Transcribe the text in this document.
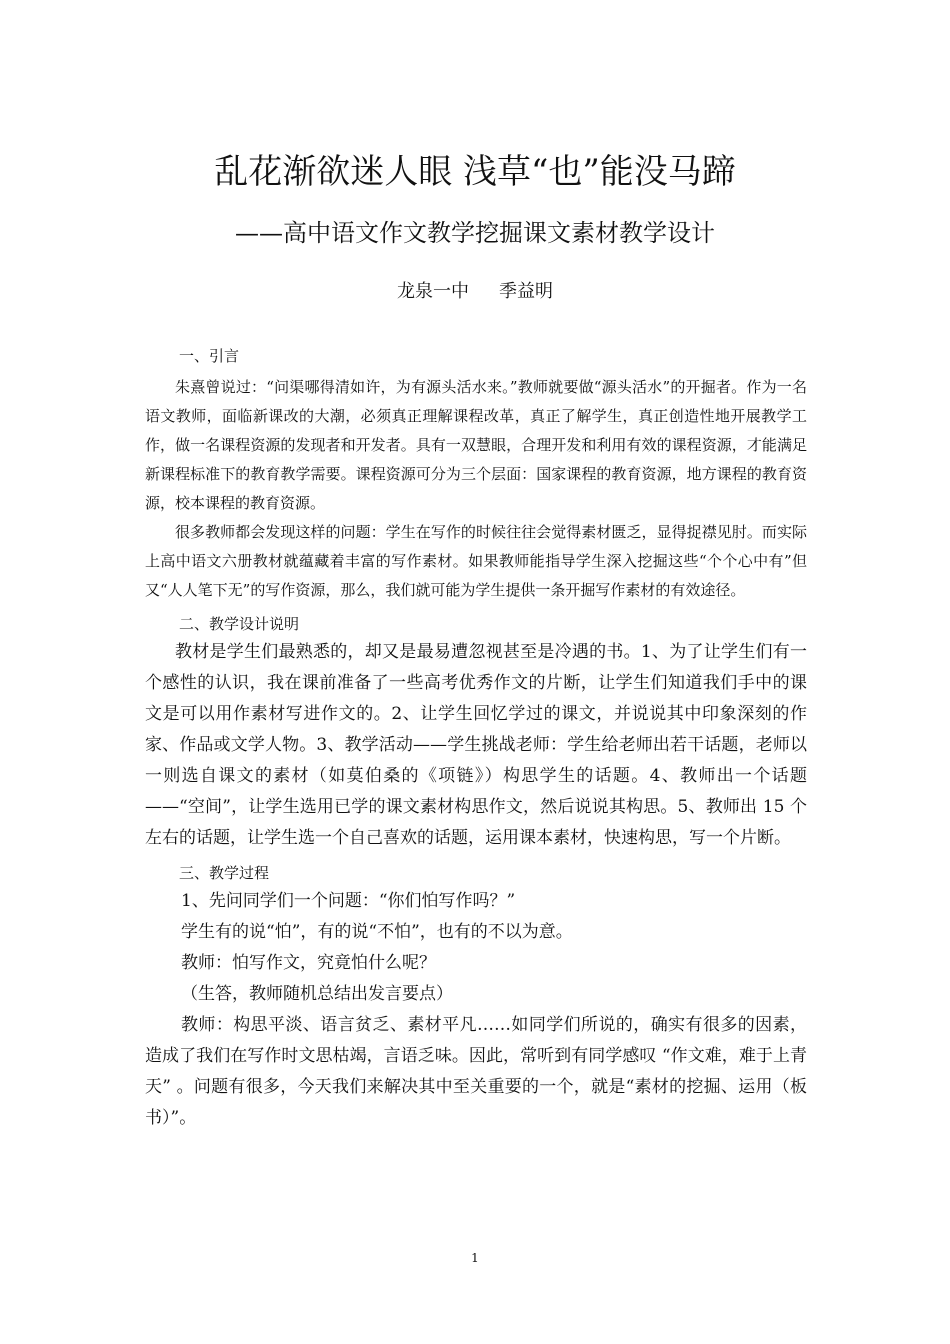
乱花渐欲迷人眼 浅草“也”能没马蹄
——高中语文作文教学挖掘课文素材教学设计
龙泉一中 季益明

一、引言

朱熹曾说过：“问渠哪得清如许，为有源头活水来。”教师就要做“源头活水”的开掘者。作为一名语文教师，面临新课改的大潮，必须真正理解课程改革，真正了解学生，真正创造性地开展教学工作，做一名课程资源的发现者和开发者。具有一双慧眼，合理开发和利用有效的课程资源，才能满足新课程标准下的教育教学需要。课程资源可分为三个层面：国家课程的教育资源，地方课程的教育资源，校本课程的教育资源。

很多教师都会发现这样的问题：学生在写作的时候往往会觉得素材匮乏，显得捉襟见肘。而实际上高中语文六册教材就蕴藏着丰富的写作素材。如果教师能指导学生深入挖掘这些“个个心中有”但又“人人笔下无”的写作资源，那么，我们就可能为学生提供一条开掘写作素材的有效途径。

二、教学设计说明

教材是学生们最熟悉的，却又是最易遭忽视甚至是冷遇的书。1、为了让学生们有一个感性的认识，我在课前准备了一些高考优秀作文的片断，让学生们知道我们手中的课文是可以用作素材写进作文的。2、让学生回忆学过的课文，并说说其中印象深刻的作家、作品或文学人物。3、教学活动——学生挑战老师：学生给老师出若干话题，老师以一则选自课文的素材（如莫伯桑的《项链》）构思学生的话题。4、教师出一个话题——“空间”，让学生选用已学的课文素材构思作文，然后说说其构思。5、教师出 15 个左右的话题，让学生选一个自己喜欢的话题，运用课本素材，快速构思，写一个片断。

三、教学过程

1、先问同学们一个问题：“你们怕写作吗？”

学生有的说“怕”，有的说“不怕”，也有的不以为意。

教师：怕写作文，究竟怕什么呢？

（生答，教师随机总结出发言要点）

教师：构思平淡、语言贫乏、素材平凡……如同学们所说的，确实有很多的因素，造成了我们在写作时文思枯竭，言语乏味。因此，常听到有同学感叹 “作文难，难于上青天” 。问题有很多，今天我们来解决其中至关重要的一个，就是“素材的挖掘、运用（板书）”。

1
